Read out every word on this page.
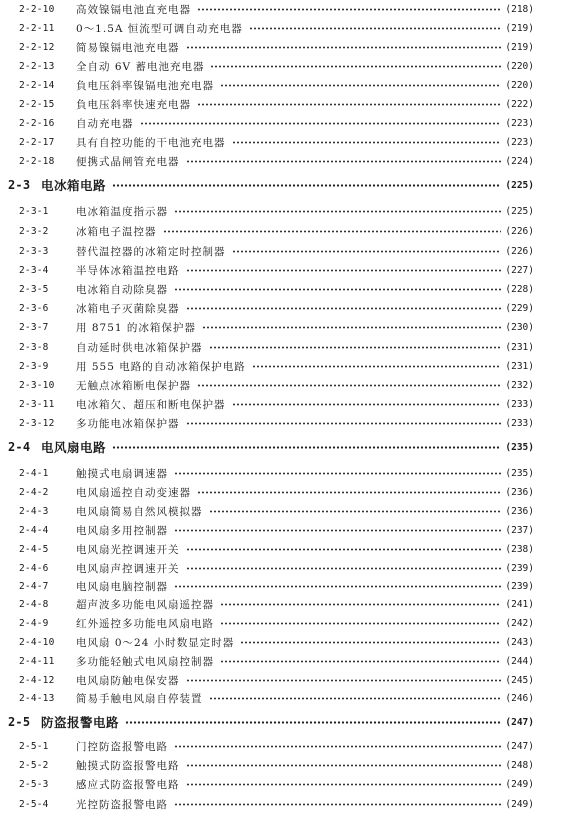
2-2-10	高效镍镉电池直充电器	(218)
2-2-11	0～1.5A 恒流型可调自动充电器	(219)
2-2-12	简易镍镉电池充电器	(219)
2-2-13	全自动 6V 蓄电池充电器	(220)
2-2-14	負电压斜率镍镉电池充电器	(220)
2-2-15	負电压斜率快速充电器	(222)
2-2-16	自动充电器	(223)
2-2-17	具有自控功能的干电池充电器	(223)
2-2-18	便携式晶闸管充电器	(224)
2-3 电冰箱电路	(225)
2-3-1	电冰箱温度指示器	(225)
2-3-2	冰箱电子温控器	(226)
2-3-3	替代温控器的冰箱定时控制器	(226)
2-3-4	半导体冰箱温控电路	(227)
2-3-5	电冰箱自动除臭器	(228)
2-3-6	冰箱电子灭菌除臭器	(229)
2-3-7	用 8751 的冰箱保护器	(230)
2-3-8	自动延时供电冰箱保护器	(231)
2-3-9	用 555 电路的自动冰箱保护电路	(231)
2-3-10	无触点冰箱断电保护器	(232)
2-3-11	电冰箱欠、超压和断电保护器	(233)
2-3-12	多功能电冰箱保护器	(233)
2-4 电风扇电路	(235)
2-4-1	触摸式电扇调速器	(235)
2-4-2	电风扇遥控自动变速器	(236)
2-4-3	电风扇简易自然风模拟器	(236)
2-4-4	电风扇多用控制器	(237)
2-4-5	电风扇光控调速开关	(238)
2-4-6	电风扇声控调速开关	(239)
2-4-7	电风扇电脑控制器	(239)
2-4-8	超声波多功能电风扇遥控器	(241)
2-4-9	红外遥控多功能电风扇电路	(242)
2-4-10	电风扇 0～24 小时数显定时器	(243)
2-4-11	多功能轻触式电风扇控制器	(244)
2-4-12	电风扇防触电保安器	(245)
2-4-13	简易手触电风扇自停装置	(246)
2-5 防盗报警电路	(247)
2-5-1	门控防盗报警电路	(247)
2-5-2	触摸式防盗报警电路	(248)
2-5-3	感应式防盗报警电路	(249)
2-5-4	光控防盗报警电路	(249)
